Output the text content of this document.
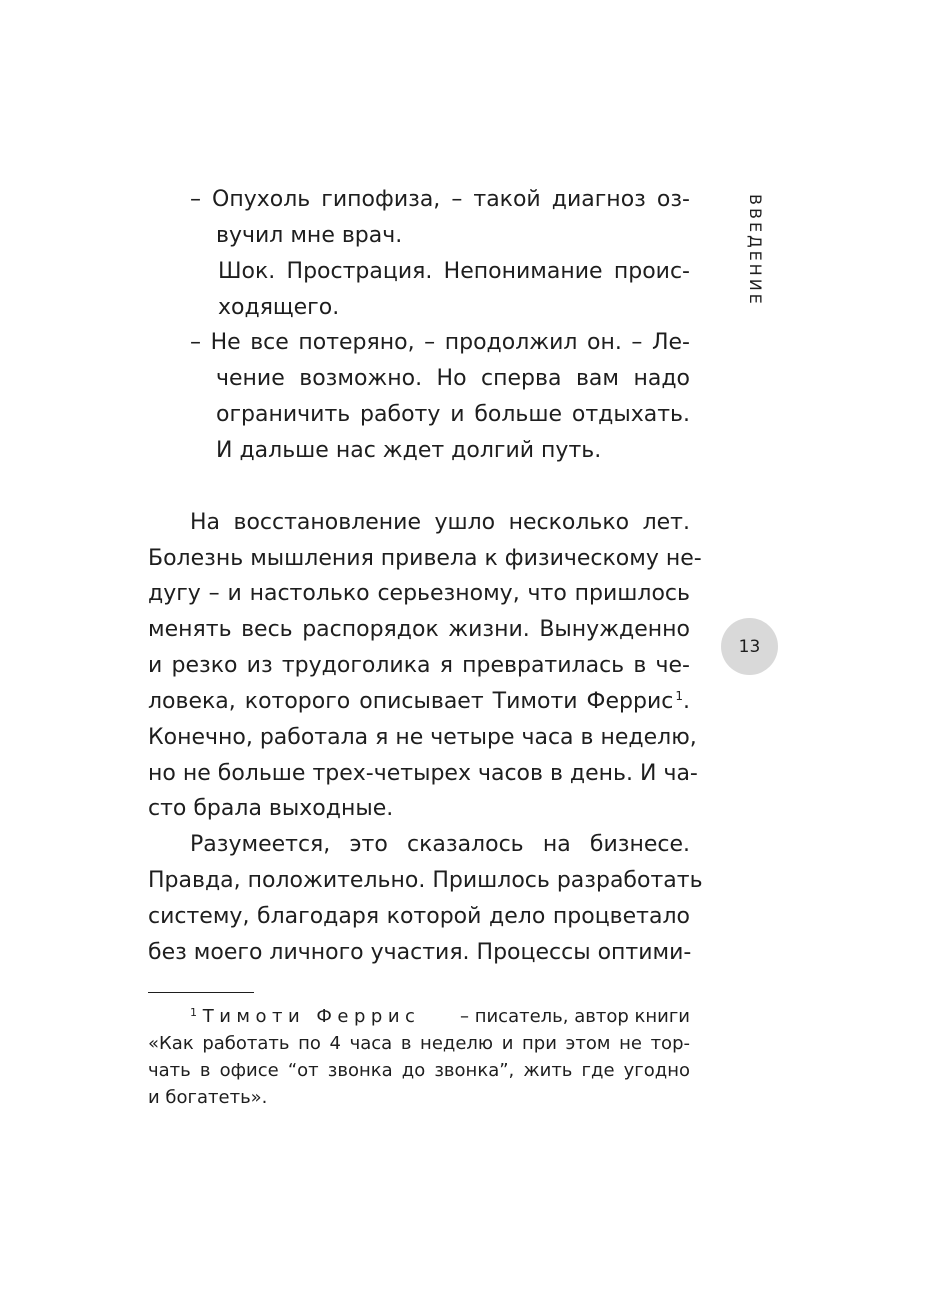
ВВЕДЕНИЕ
13
– Опухоль гипофиза, – такой диагноз оз-
вучил мне врач.
Шок. Прострация. Непонимание проис-
ходящего.
– Не все потеряно, – продолжил он. – Ле-
чение возможно. Но сперва вам надо
ограничить работу и больше отдыхать.
И дальше нас ждет долгий путь.
На восстановление ушло несколько лет.
Болезнь мышления привела к физическому не-
дугу – и настолько серьезному, что пришлось
менять весь распорядок жизни. Вынужденно
и резко из трудоголика я превратилась в че-
ловека, которого описывает Тимоти Феррис $^1$.
Конечно, работала я не четыре часа в неделю,
но не больше трех-четырех часов в день. И ча-
сто брала выходные.
Разумеется, это сказалось на бизнесе.
Правда, положительно. Пришлось разработать
систему, благодаря которой дело процветало
без моего личного участия. Процессы оптими-
$^1$ Тимоти Феррис – писатель, автор книги
«Как работать по 4 часа в неделю и при этом не тор-
чать в офисе “от звонка до звонка”, жить где угодно
и богатеть».
